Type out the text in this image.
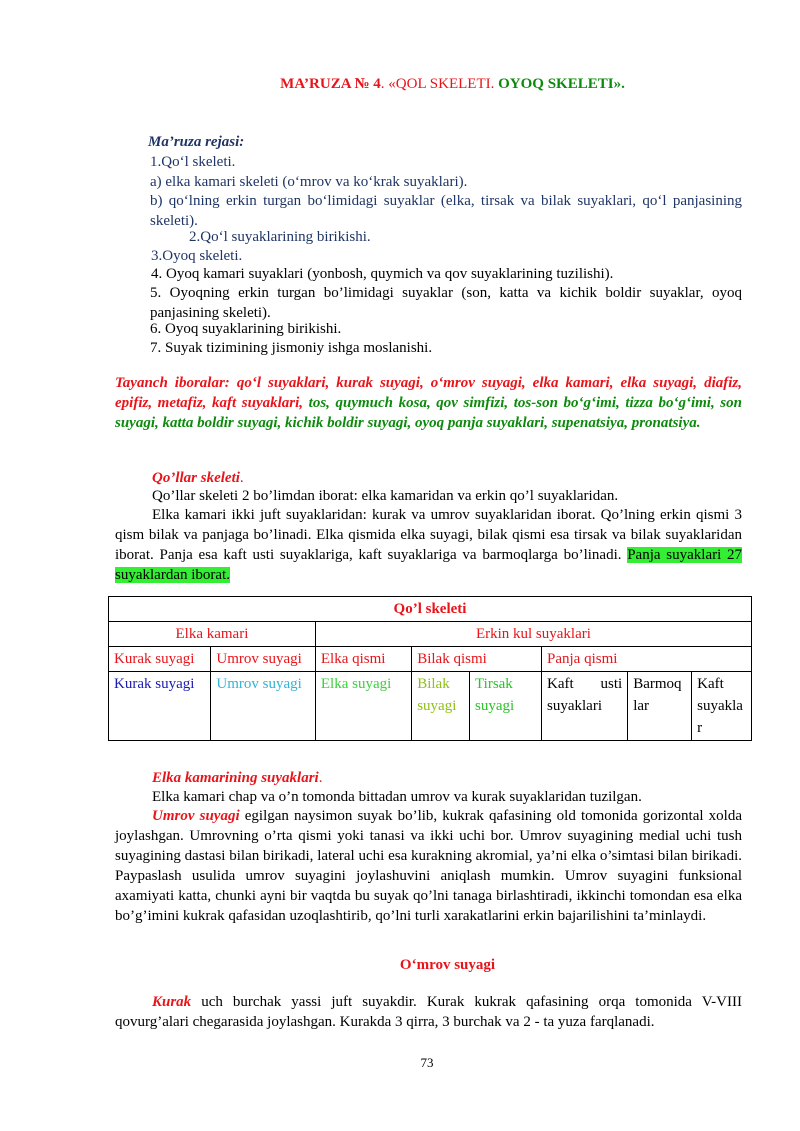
MA’RUZA № 4. «QOL SKELETI. OYOQ SKELETI».
Ma’ruza rejasi:
1.Qo‘l skeleti.
a) elka kamari skeleti (o‘mrov va ko‘krak suyaklari).
b) qo‘lning erkin turgan bo‘limidagi suyaklar (elka, tirsak va bilak suyaklari, qo‘l panjasining skeleti).
2.Qo‘l suyaklarining birikishi.
3.Oyoq skeleti.
4. Oyoq kamari suyaklari (yonbosh, quymich va qov suyaklarining tuzilishi).
5. Oyoqning erkin turgan bo’limidagi suyaklar (son, katta va kichik boldir suyaklar, oyoq panjasining skeleti).
6. Oyoq suyaklarining birikishi.
7. Suyak tizimining jismoniy ishga moslanishi.
Tayanch iboralar: qo‘l suyaklari, kurak suyagi, o‘mrov suyagi, elka kamari, elka suyagi, diafiz, epifiz, metafiz, kaft suyaklari, tos, quymuch kosa, qov simfizi, tos-son bo‘g‘imi, tizza bo‘g‘imi, son suyagi, katta boldir suyagi, kichik boldir suyagi, oyoq panja suyaklari, supenatsiya, pronatsiya.
Qo’llar skeleti.
Qo’llar skeleti 2 bo’limdan iborat: elka kamaridan va erkin qo’l suyaklaridan.
Elka kamari ikki juft suyaklaridan: kurak va umrov suyaklaridan iborat. Qo’lning erkin qismi 3 qism bilak va panjaga bo’linadi. Elka qismida elka suyagi, bilak qismi esa tirsak va bilak suyaklaridan iborat. Panja esa kaft usti suyaklariga, kaft suyaklariga va barmoqlarga bo’linadi. Panja suyaklari 27 suyaklardan iborat.
Qo’l skeleti							
Elka kamari		Erkin kul suyaklari					
Kurak suyagi	Umrov suyagi	Elka qismi	Bilak qismi		Panja qismi		
Kurak suyagi	Umrov suyagi	Elka suyagi	Bilak suyagi	Tirsak suyagi	Kaft usti suyaklari	Barmoq lar	Kaft suyakla r
Elka kamarining suyaklari.
Elka kamari chap va o’n tomonda bittadan umrov va kurak suyaklaridan tuzilgan.
Umrov suyagi egilgan naysimon suyak bo’lib, kukrak qafasining old tomonida gorizontal xolda joylashgan. Umrovning o’rta qismi yoki tanasi va ikki uchi bor. Umrov suyagining medial uchi tush suyagining dastasi bilan birikadi, lateral uchi esa kuraknіng akromial, ya’ni elka o’simtasi bilan birikadi. Paypaslash usulida umrov suyagini joylashuvini aniqlash mumkin. Umrov suyagini funksional axamiyati katta, chunki ayni bir vaqtda bu suyak qo’lni tanaga birlashtiradi, ikkinchi tomondan esa elka bo’g’imini kukrak qafasidan uzoqlashtirib, qo’lni turli xarakatlarini erkin bajarilishini ta’minlaydi.
O‘mrov suyagi
Kurak uch burchak yassi juft suyakdir. Kurak kukrak qafasining orqa tomonida V-VIII qovurg’alari chegarasida joylashgan. Kurakda 3 qirra, 3 burchak va 2 - ta yuza farqlanadi.
73
